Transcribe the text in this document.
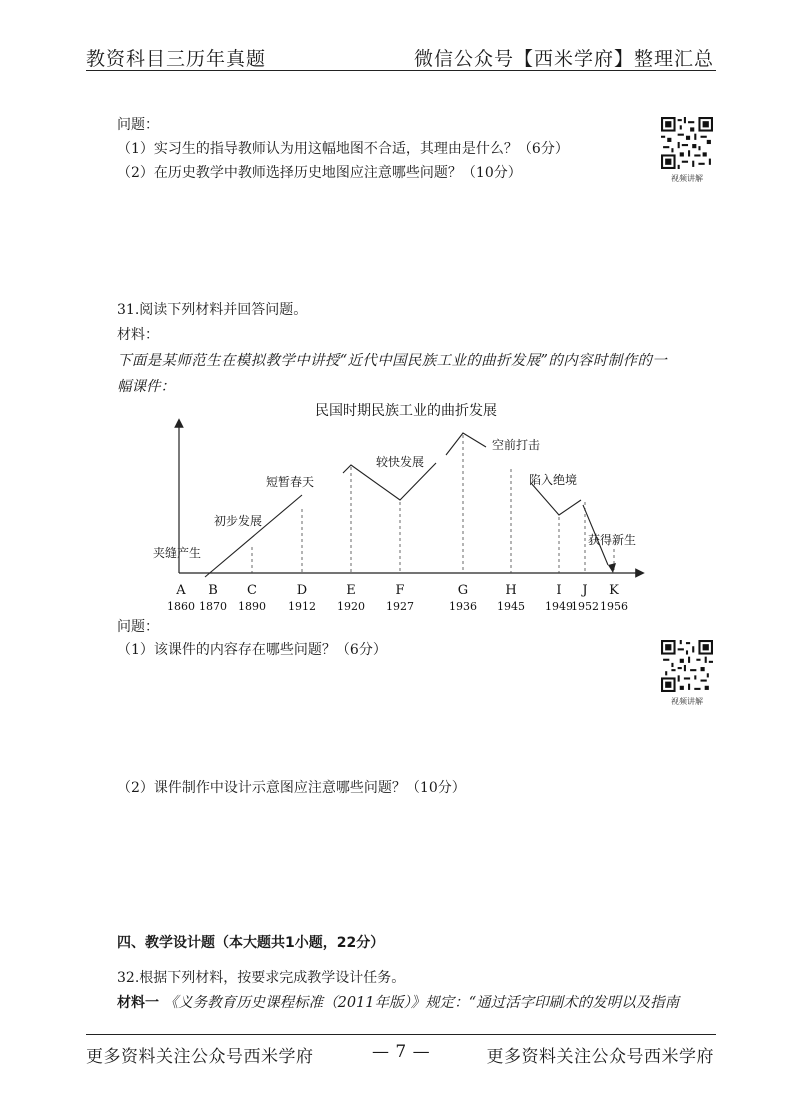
教资科目三历年真题	微信公众号【西米学府】整理汇总
问题：
（1）实习生的指导教师认为用这幅地图不合适，其理由是什么？（6分）
（2）在历史教学中教师选择历史地图应注意哪些问题？（10分）	视频讲解
31.阅读下列材料并回答问题。
材料：
下面是某师范生在模拟教学中讲授“近代中国民族工业的曲折发展”的内容时制作的一
幅课件：
民国时期民族工业的曲折发展
A
1860
B
1870
C
1890
D
1912
E
1920
F
1927
G
1936
H
1945
I
1949
J
1952
K
1956
夹缝产生
初步发展
短暂春天
较快发展
空前打击
陷入绝境
获得新生
问题：
（1）该课件的内容存在哪些问题？（6分）
视频讲解
（2）课件制作中设计示意图应注意哪些问题？（10分）
四、教学设计题（本大题共1小题，22分）
32.根据下列材料，按要求完成教学设计任务。
材料一 《义务教育历史课程标准（2011年版）》规定：“通过活字印刷术的发明以及指南
更多资料关注公众号西米学府	— 7 —	更多资料关注公众号西米学府
